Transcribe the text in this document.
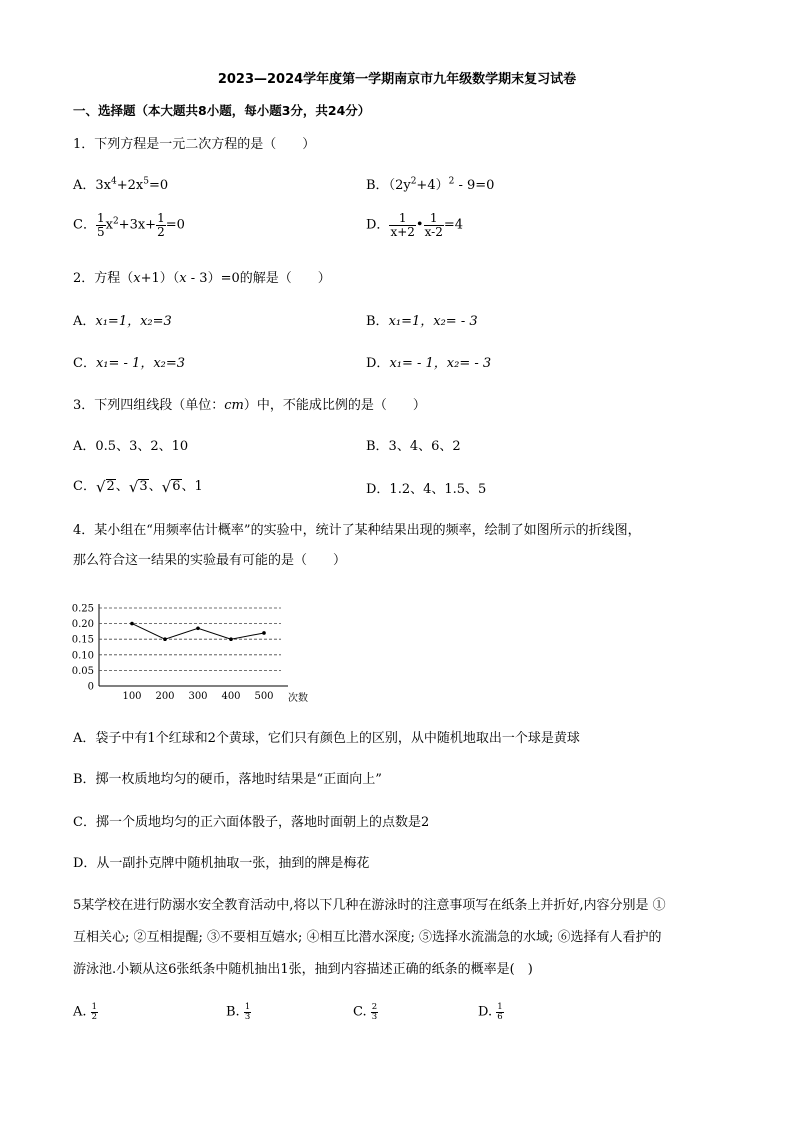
2023—2024学年度第一学期南京市九年级数学期末复习试卷
一、选择题（本大题共8小题，每小题3分，共24分）
1．下列方程是一元二次方程的是（　　）
A．$3x^4+2x^5=0$	B．$(2y^2+4)^2 - 9=0$
C． $\frac{1}{5} x^2+3x+ \frac{1}{2} =0$	D． $\frac{1}{x+2}$ • $\frac{1}{x-2} =4$
2．方程（x+1）（x - 3）=0的解是（　　）
A．x₁=1，x₂=3	B．x₁=1，x₂= - 3
C．x₁= - 1，x₂=3	D．x₁= - 1，x₂= - 3
3．下列四组线段（单位：cm）中，不能成比例的是（　　）
A．0.5、3、2、10	B．3、4、6、2
C．√2、√3、√6、1	D．1.2、4、1.5、5
4．某小组在“用频率估计概率”的实验中，统计了某种结果出现的频率，绘制了如图所示的折线图，
那么符合这一结果的实验最有可能的是（　　）
0
0.05
0.10
0.15
0.20
0.25
100 200 300 400 500 次数
A．袋子中有1个红球和2个黄球，它们只有颜色上的区别，从中随机地取出一个球是黄球
B．掷一枚质地均匀的硬币，落地时结果是“正面向上”
C．掷一个质地均匀的正六面体骰子，落地时面朝上的点数是2
D．从一副扑克牌中随机抽取一张，抽到的牌是梅花
5某学校在进行防溺水安全教育活动中,将以下几种在游泳时的注意事项写在纸条上并折好,内容分别是 ①
互相关心; ②互相提醒; ③不要相互嬉水; ④相互比潜水深度; ⑤选择水流湍急的水域; ⑥选择有人看护的
游泳池.小颖从这6张纸条中随机抽出1张，抽到内容描述正确的纸条的概率是(　)
A. $\frac{1}{2}$	B. $\frac{1}{3}$	C. $\frac{2}{3}$	D. $\frac{1}{6}$
